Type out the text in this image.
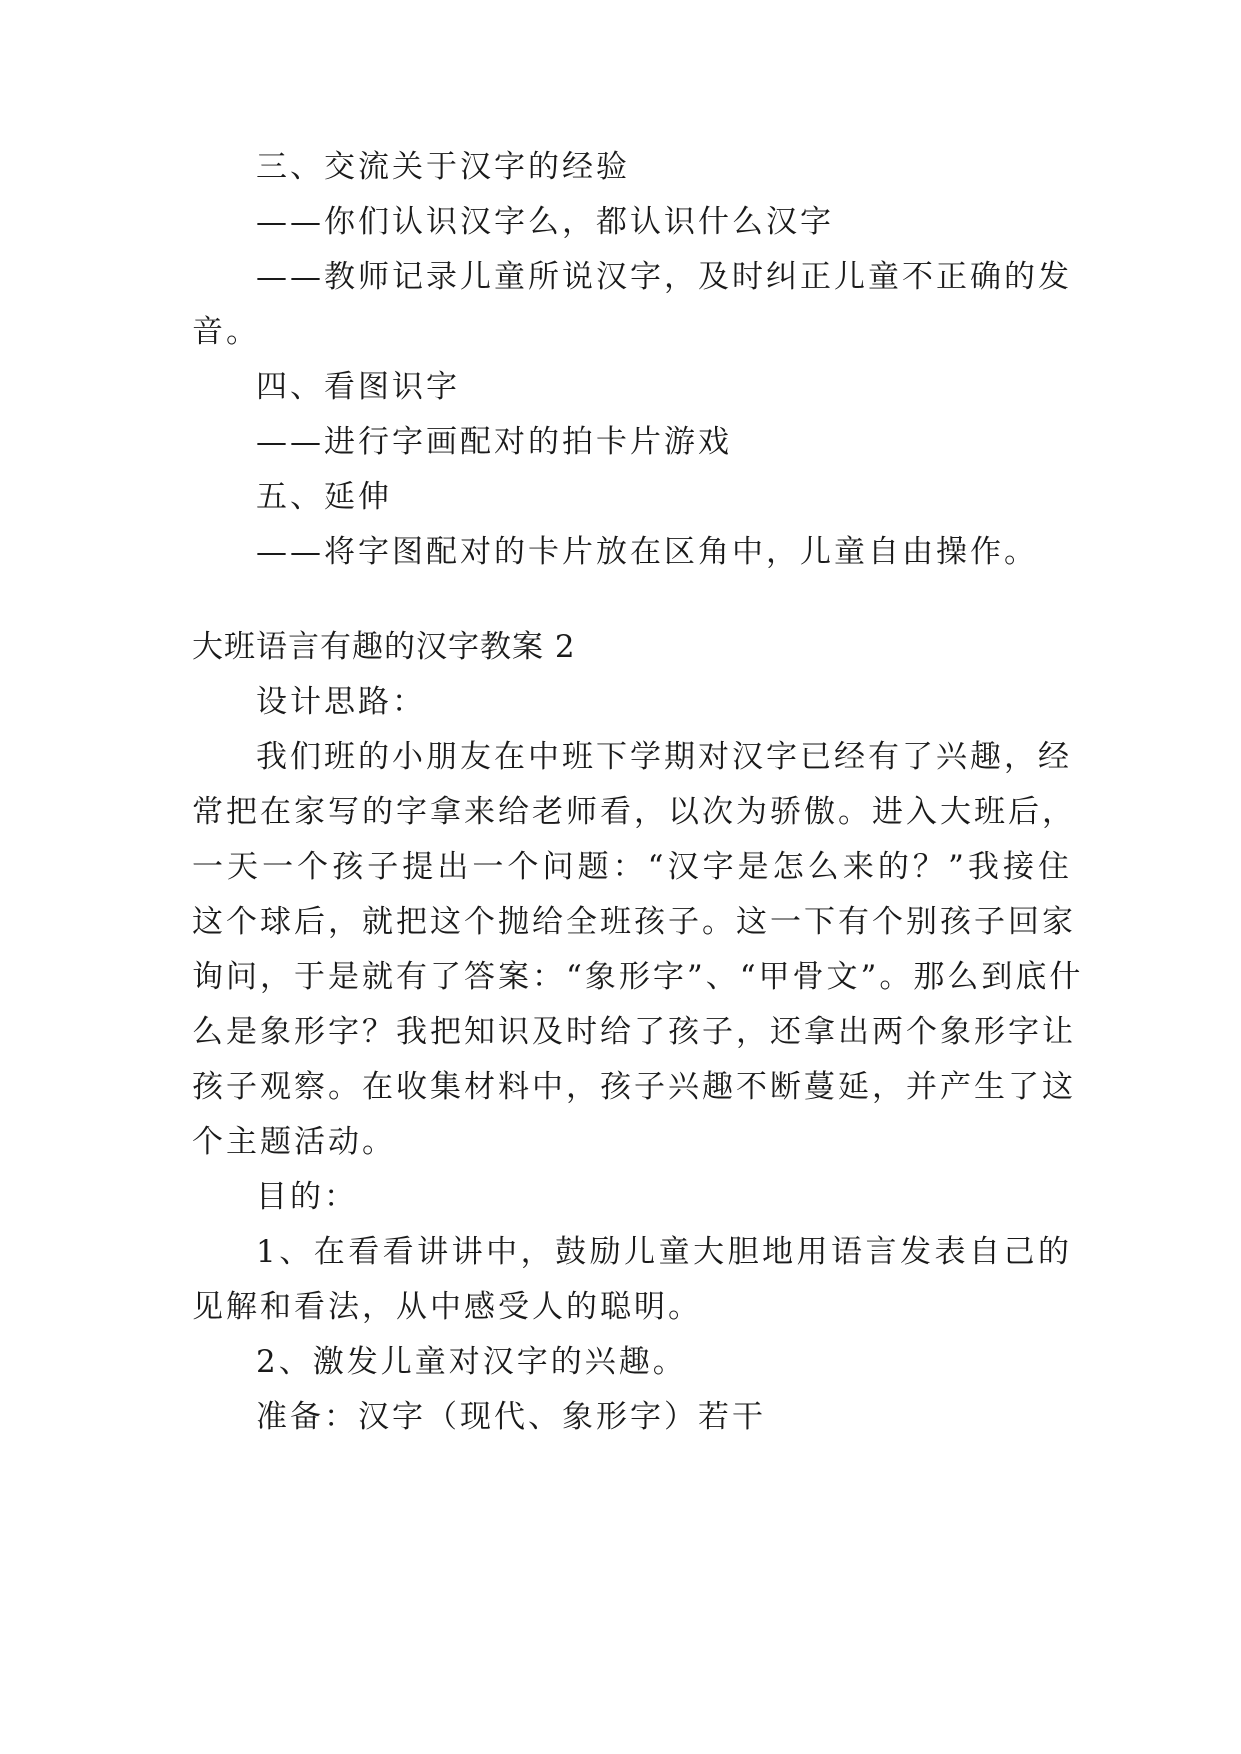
三、交流关于汉字的经验
——你们认识汉字么，都认识什么汉字
——教师记录儿童所说汉字，及时纠正儿童不正确的发
音。
四、看图识字
——进行字画配对的拍卡片游戏
五、延伸
——将字图配对的卡片放在区角中，儿童自由操作。
大班语言有趣的汉字教案 2
设计思路：
我们班的小朋友在中班下学期对汉字已经有了兴趣，经
常把在家写的字拿来给老师看，以次为骄傲。进入大班后，
一天一个孩子提出一个问题：“汉字是怎么来的？”我接住
这个球后，就把这个抛给全班孩子。这一下有个别孩子回家
询问，于是就有了答案：“象形字”、“甲骨文”。那么到底什
么是象形字？我把知识及时给了孩子，还拿出两个象形字让
孩子观察。在收集材料中，孩子兴趣不断蔓延，并产生了这
个主题活动。
目的：
1、在看看讲讲中，鼓励儿童大胆地用语言发表自己的
见解和看法，从中感受人的聪明。
2、激发儿童对汉字的兴趣。
准备：汉字（现代、象形字）若干
